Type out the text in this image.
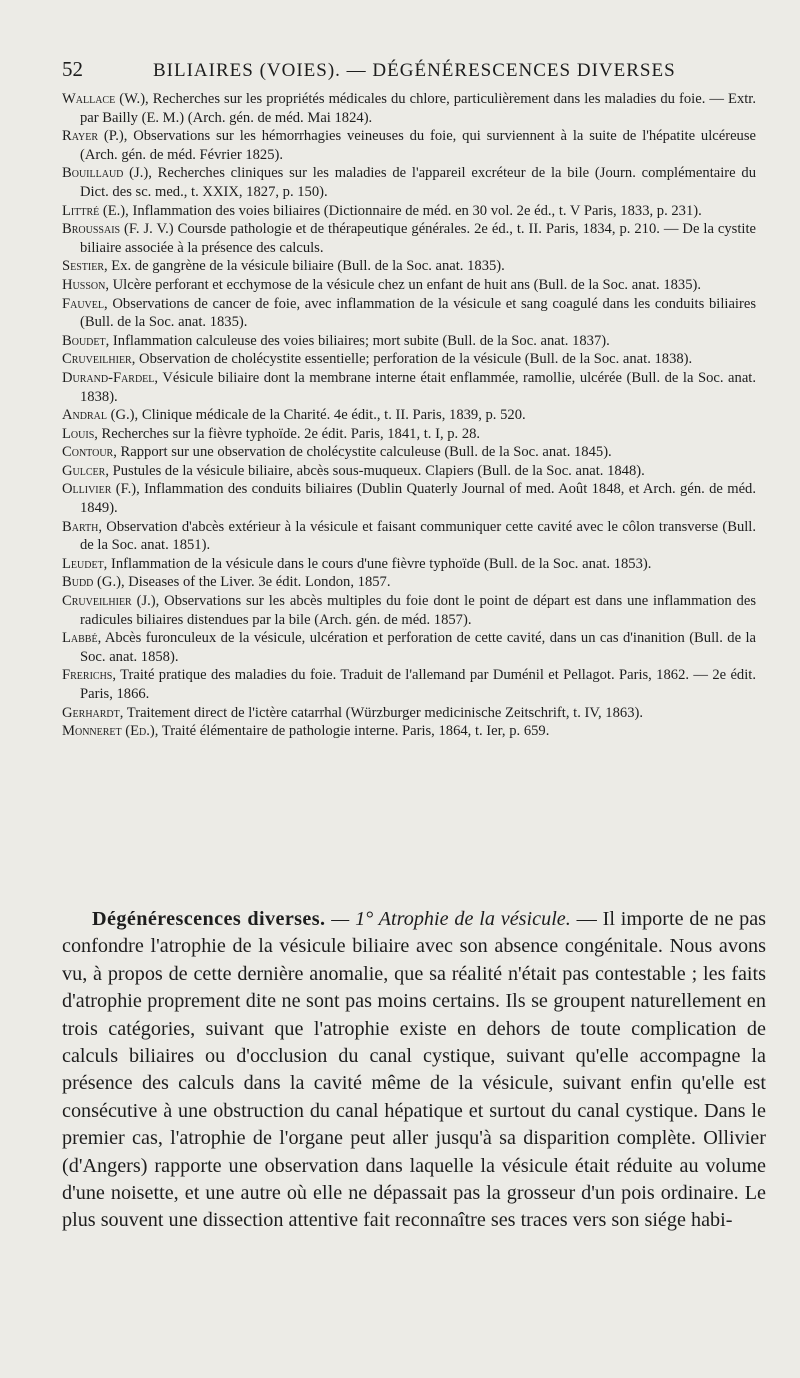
52	BILIAIRES (VOIES). — DÉGÉNÉRESCENCES DIVERSES

Wallace (W.), Recherches sur les propriétés médicales du chlore, particulièrement dans les maladies du foie. — Extr. par Bailly (E. M.) (Arch. gén. de méd. Mai 1824).

Rayer (P.), Observations sur les hémorrhagies veineuses du foie, qui surviennent à la suite de l'hépatite ulcéreuse (Arch. gén. de méd. Février 1825).

Bouillaud (J.), Recherches cliniques sur les maladies de l'appareil excréteur de la bile (Journ. complémentaire du Dict. des sc. med., t. XXIX, 1827, p. 150).

Littré (E.), Inflammation des voies biliaires (Dictionnaire de méd. en 30 vol. 2e éd., t. V Paris, 1833, p. 231).

Broussais (F. J. V.) Coursde pathologie et de thérapeutique générales. 2e éd., t. II. Paris, 1834, p. 210. — De la cystite biliaire associée à la présence des calculs.

Sestier, Ex. de gangrène de la vésicule biliaire (Bull. de la Soc. anat. 1835).

Husson, Ulcère perforant et ecchymose de la vésicule chez un enfant de huit ans (Bull. de la Soc. anat. 1835).

Fauvel, Observations de cancer de foie, avec inflammation de la vésicule et sang coagulé dans les conduits biliaires (Bull. de la Soc. anat. 1835).

Boudet, Inflammation calculeuse des voies biliaires; mort subite (Bull. de la Soc. anat. 1837).

Cruveilhier, Observation de cholécystite essentielle; perforation de la vésicule (Bull. de la Soc. anat. 1838).

Durand-Fardel, Vésicule biliaire dont la membrane interne était enflammée, ramollie, ulcérée (Bull. de la Soc. anat. 1838).

Andral (G.), Clinique médicale de la Charité. 4e édit., t. II. Paris, 1839, p. 520.

Louis, Recherches sur la fièvre typhoïde. 2e édit. Paris, 1841, t. I, p. 28.

Contour, Rapport sur une observation de cholécystite calculeuse (Bull. de la Soc. anat. 1845).

Gulcer, Pustules de la vésicule biliaire, abcès sous-muqueux. Clapiers (Bull. de la Soc. anat. 1848).

Ollivier (F.), Inflammation des conduits biliaires (Dublin Quaterly Journal of med. Août 1848, et Arch. gén. de méd. 1849).

Barth, Observation d'abcès extérieur à la vésicule et faisant communiquer cette cavité avec le côlon transverse (Bull. de la Soc. anat. 1851).

Leudet, Inflammation de la vésicule dans le cours d'une fièvre typhoïde (Bull. de la Soc. anat. 1853).

Budd (G.), Diseases of the Liver. 3e édit. London, 1857.

Cruveilhier (J.), Observations sur les abcès multiples du foie dont le point de départ est dans une inflammation des radicules biliaires distendues par la bile (Arch. gén. de méd. 1857).

Labbé, Abcès furonculeux de la vésicule, ulcération et perforation de cette cavité, dans un cas d'inanition (Bull. de la Soc. anat. 1858).

Frerichs, Traité pratique des maladies du foie. Traduit de l'allemand par Duménil et Pellagot. Paris, 1862. — 2e édit. Paris, 1866.

Gerhardt, Traitement direct de l'ictère catarrhal (Würzburger medicinische Zeitschrift, t. IV, 1863).

Monneret (Ed.), Traité élémentaire de pathologie interne. Paris, 1864, t. Ier, p. 659.

Dégénérescences diverses. — 1° Atrophie de la vésicule. — Il importe de ne pas confondre l'atrophie de la vésicule biliaire avec son absence congénitale. Nous avons vu, à propos de cette dernière anomalie, que sa réalité n'était pas contestable ; les faits d'atrophie proprement dite ne sont pas moins certains. Ils se groupent naturellement en trois catégories, suivant que l'atrophie existe en dehors de toute complication de calculs biliaires ou d'occlusion du canal cystique, suivant qu'elle accompagne la présence des calculs dans la cavité même de la vésicule, suivant enfin qu'elle est consécutive à une obstruction du canal hépatique et surtout du canal cystique. Dans le premier cas, l'atrophie de l'organe peut aller jusqu'à sa disparition complète. Ollivier (d'Angers) rapporte une observation dans laquelle la vésicule était réduite au volume d'une noisette, et une autre où elle ne dépassait pas la grosseur d'un pois ordinaire. Le plus souvent une dissection attentive fait reconnaître ses traces vers son siége habi-
